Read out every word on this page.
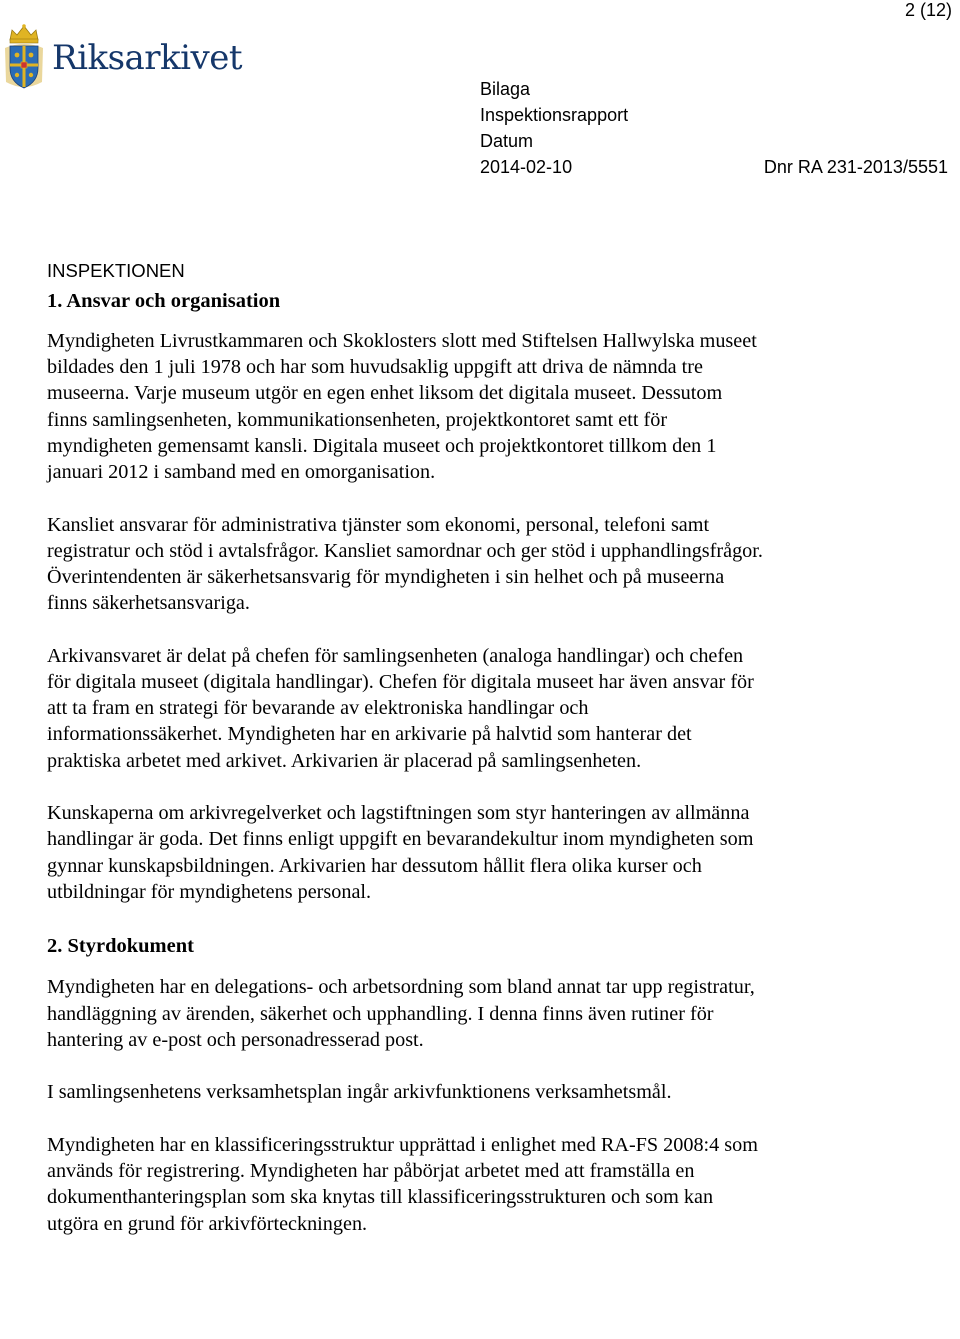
2 (12)
Riksarkivet
Bilaga
Inspektionsrapport
Datum
2014-02-10	Dnr RA 231-2013/5551
INSPEKTIONEN
1. Ansvar och organisation

Myndigheten Livrustkammaren och Skoklosters slott med Stiftelsen Hallwylska museet bildades den 1 juli 1978 och har som huvudsaklig uppgift att driva de nämnda tre museerna. Varje museum utgör en egen enhet liksom det digitala museet. Dessutom finns samlingsenheten, kommunikationsenheten, projektkontoret samt ett för myndigheten gemensamt kansli. Digitala museet och projektkontoret tillkom den 1 januari 2012 i samband med en omorganisation.

Kansliet ansvarar för administrativa tjänster som ekonomi, personal, telefoni samt registratur och stöd i avtalsfrågor. Kansliet samordnar och ger stöd i upphandlingsfrågor. Överintendenten är säkerhetsansvarig för myndigheten i sin helhet och på museerna finns säkerhetsansvariga.

Arkivansvaret är delat på chefen för samlingsenheten (analoga handlingar) och chefen för digitala museet (digitala handlingar). Chefen för digitala museet har även ansvar för att ta fram en strategi för bevarande av elektroniska handlingar och informationssäkerhet. Myndigheten har en arkivarie på halvtid som hanterar det praktiska arbetet med arkivet. Arkivarien är placerad på samlingsenheten.

Kunskaperna om arkivregelverket och lagstiftningen som styr hanteringen av allmänna handlingar är goda. Det finns enligt uppgift en bevarandekultur inom myndigheten som gynnar kunskapsbildningen. Arkivarien har dessutom hållit flera olika kurser och utbildningar för myndighetens personal.

2. Styrdokument

Myndigheten har en delegations- och arbetsordning som bland annat tar upp registratur, handläggning av ärenden, säkerhet och upphandling. I denna finns även rutiner för hantering av e-post och personadresserad post.

I samlingsenhetens verksamhetsplan ingår arkivfunktionens verksamhetsmål.

Myndigheten har en klassificeringsstruktur upprättad i enlighet med RA-FS 2008:4 som används för registrering. Myndigheten har påbörjat arbetet med att framställa en dokumenthanteringsplan som ska knytas till klassificeringsstrukturen och som kan utgöra en grund för arkivförteckningen.
